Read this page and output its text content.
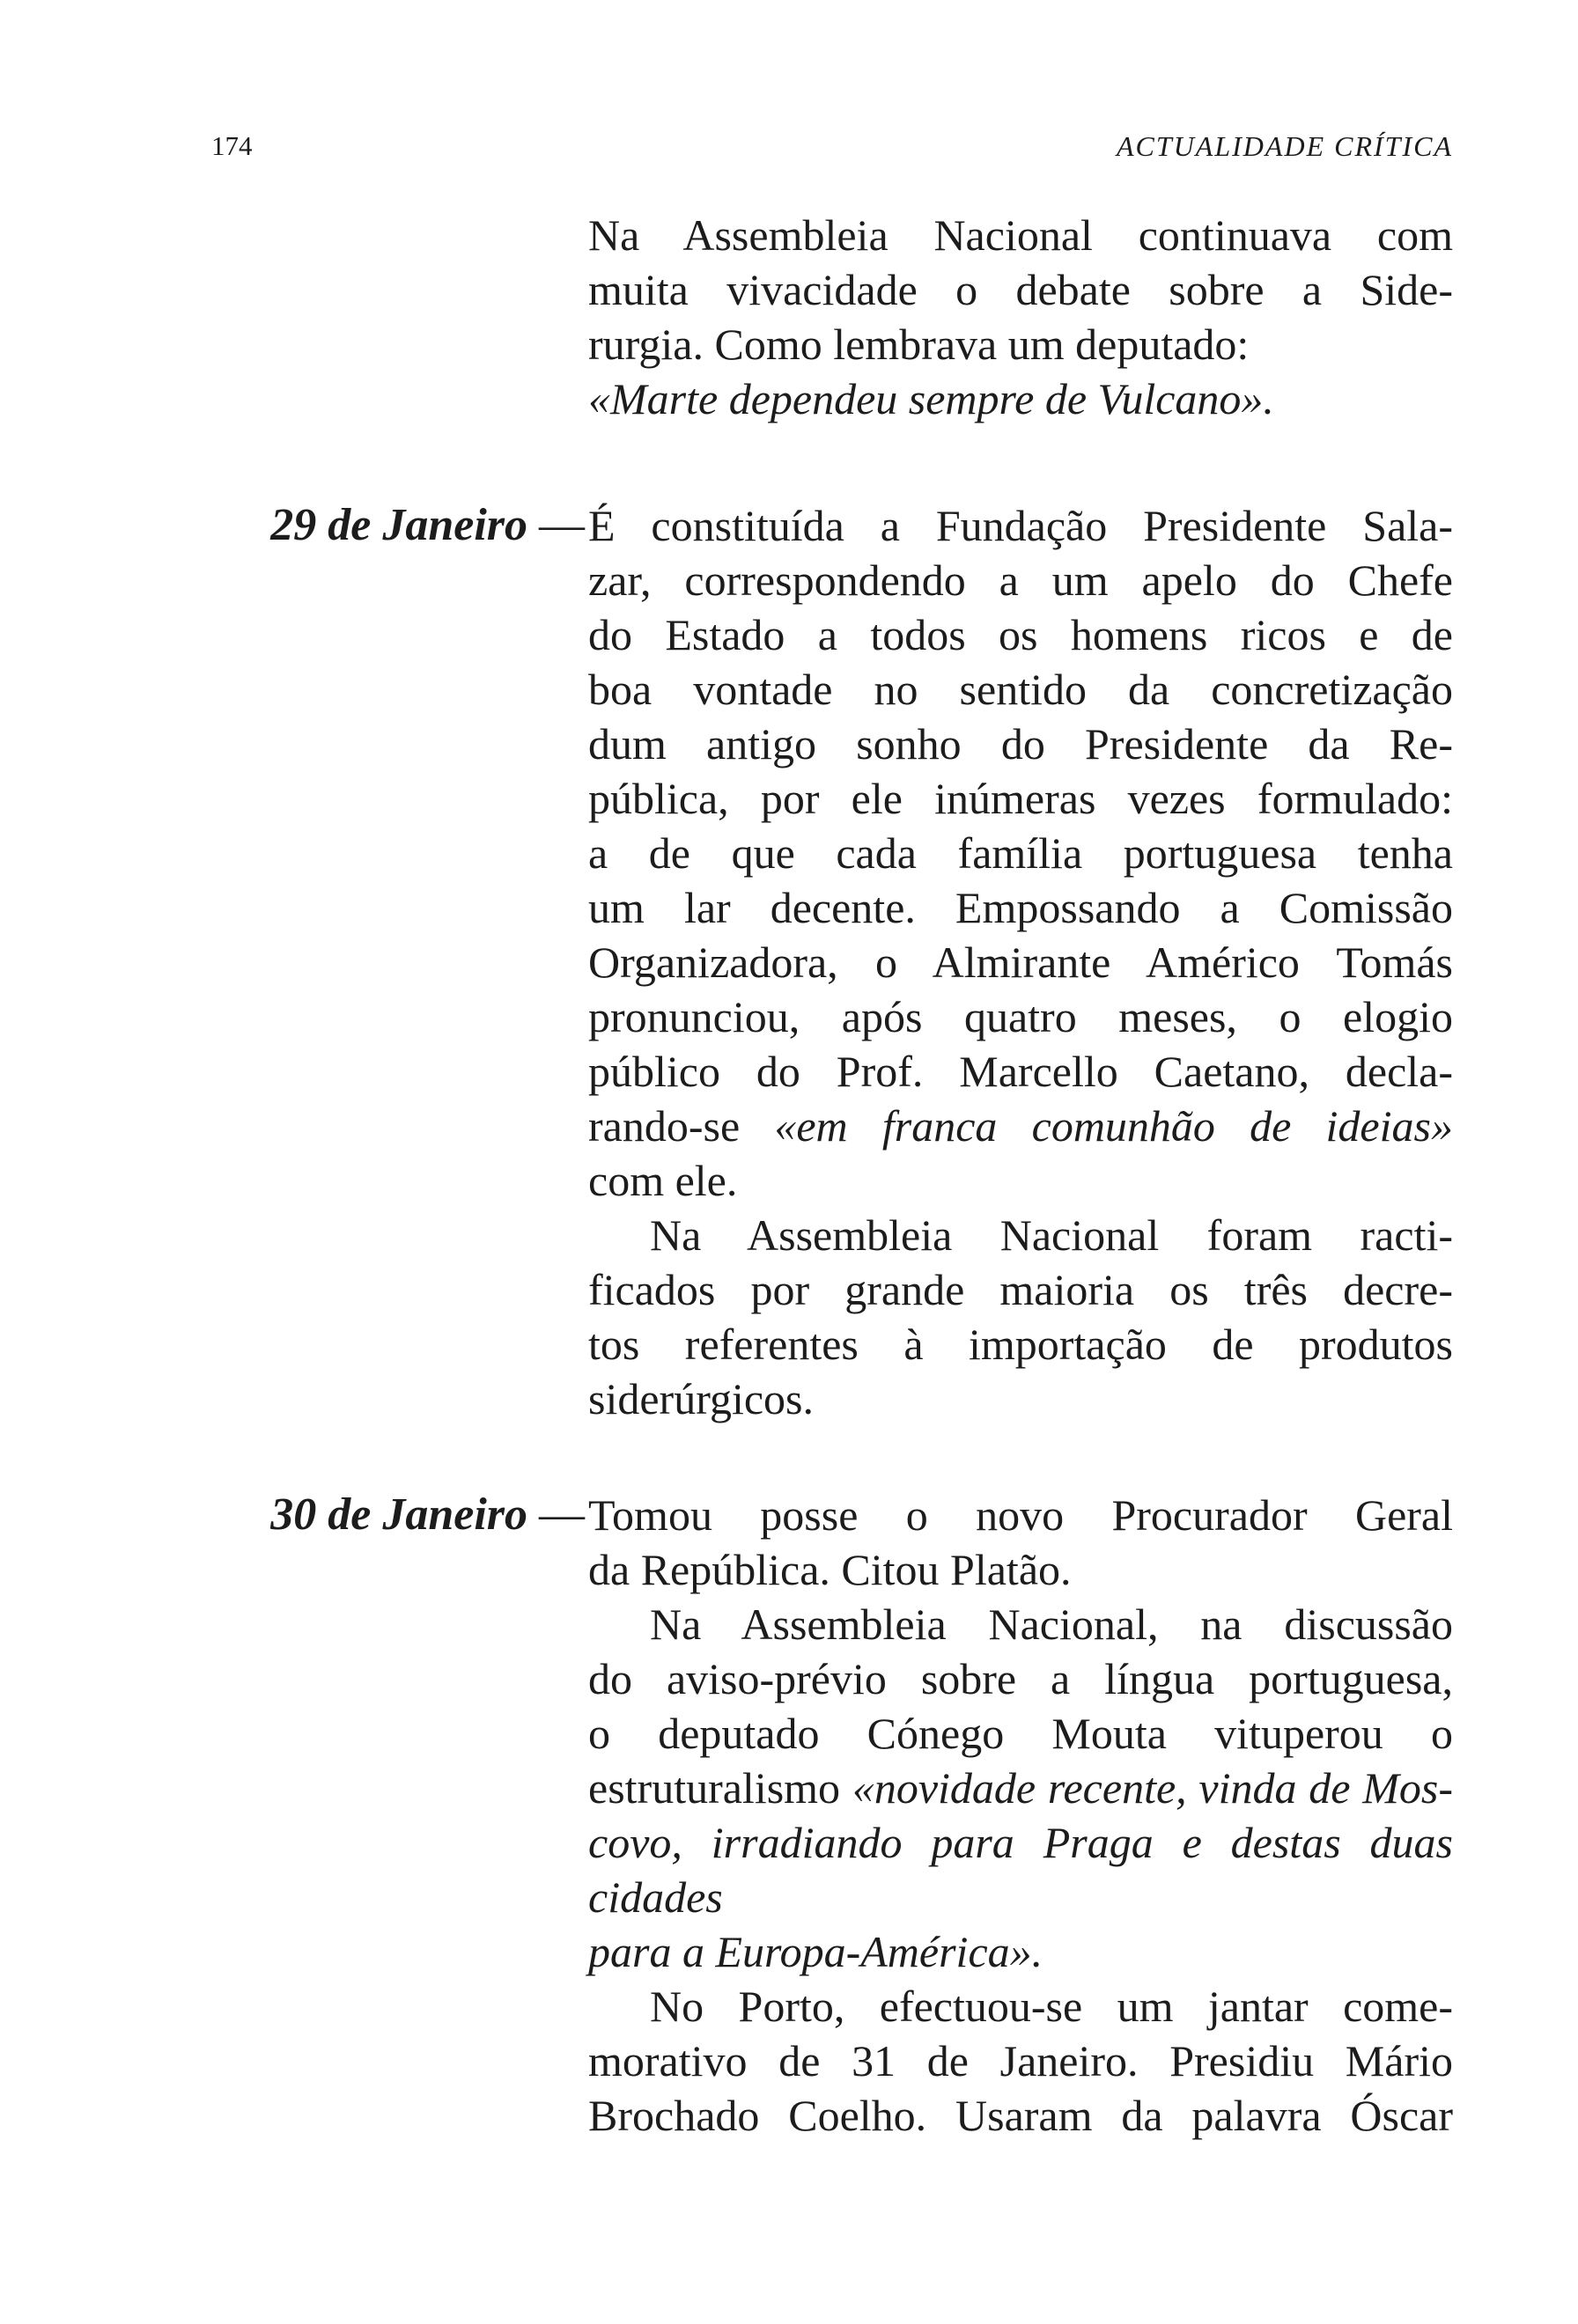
174	ACTUALIDADE CRÍTICA

Na Assembleia Nacional continuava com
muita vivacidade o debate sobre a Side-
rurgia. Como lembrava um deputado:
«Marte dependeu sempre de Vulcano».

29 de Janeiro — É constituída a Fundação Presidente Sala-
zar, correspondendo a um apelo do Chefe
do Estado a todos os homens ricos e de
boa vontade no sentido da concretização
dum antigo sonho do Presidente da Re-
pública, por ele inúmeras vezes formulado:
a de que cada família portuguesa tenha
um lar decente. Empossando a Comissão
Organizadora, o Almirante Américo Tomás
pronunciou, após quatro meses, o elogio
público do Prof. Marcello Caetano, decla-
rando-se «em franca comunhão de ideias»
com ele.

Na Assembleia Nacional foram racti-
ficados por grande maioria os três decre-
tos referentes à importação de produtos
siderúrgicos.

30 de Janeiro — Tomou posse o novo Procurador Geral
da República. Citou Platão.

Na Assembleia Nacional, na discussão
do aviso-prévio sobre a língua portuguesa,
o deputado Cónego Mouta vituperou o
estruturalismo «novidade recente, vinda de Mos-
covo, irradiando para Praga e destas duas cidades
para a Europa-América».

No Porto, efectuou-se um jantar come-
morativo de 31 de Janeiro. Presidiu Mário
Brochado Coelho. Usaram da palavra Óscar
